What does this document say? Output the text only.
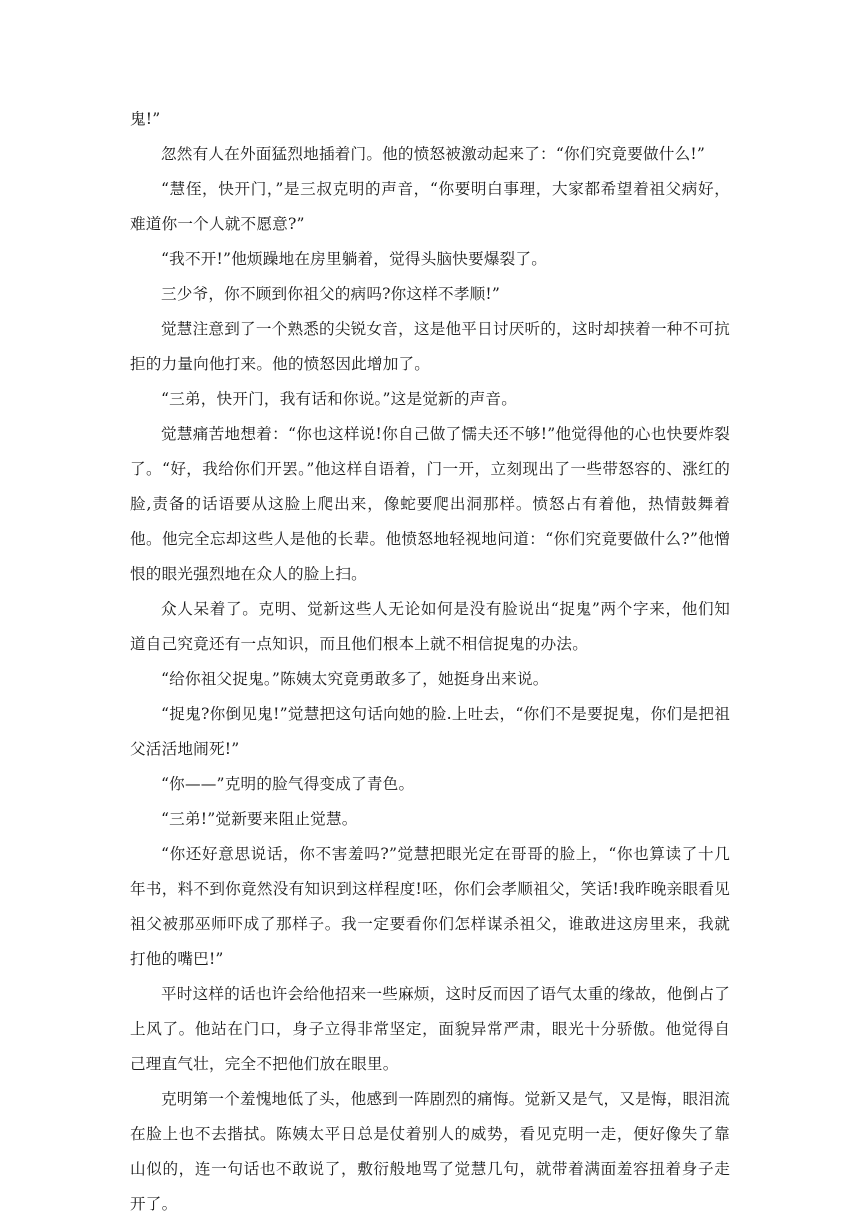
鬼!”

忽然有人在外面猛烈地插着门。他的愤怒被激动起来了：“你们究竟要做什么!”

“慧侄，快开门，”是三叔克明的声音，“你要明白事理，大家都希望着祖父病好，难道你一个人就不愿意?”

“我不开!”他烦躁地在房里躺着，觉得头脑快要爆裂了。

三少爷，你不顾到你祖父的病吗?你这样不孝顺!”

觉慧注意到了一个熟悉的尖锐女音，这是他平日讨厌听的，这时却挟着一种不可抗拒的力量向他打来。他的愤怒因此增加了。

“三弟，快开门，我有话和你说。”这是觉新的声音。

觉慧痛苦地想着：“你也这样说!你自己做了懦夫还不够!”他觉得他的心也快要炸裂了。“好，我给你们开罢。”他这样自语着，门一开，立刻现出了一些带怒容的、涨红的脸,责备的话语要从这脸上爬出来，像蛇要爬出洞那样。愤怒占有着他，热情鼓舞着他。他完全忘却这些人是他的长辈。他愤怒地轻视地问道：“你们究竟要做什么?”他憎恨的眼光强烈地在众人的脸上扫。

众人呆着了。克明、觉新这些人无论如何是没有脸说出“捉鬼”两个字来，他们知道自己究竟还有一点知识，而且他们根本上就不相信捉鬼的办法。

“给你祖父捉鬼。”陈姨太究竟勇敢多了，她挺身出来说。

“捉鬼?你倒见鬼!”觉慧把这句话向她的脸.上吐去，“你们不是要捉鬼，你们是把祖父活活地闹死!”

“你——”克明的脸气得变成了青色。

“三弟!”觉新要来阻止觉慧。

“你还好意思说话，你不害羞吗?”觉慧把眼光定在哥哥的脸上，“你也算读了十几年书，料不到你竟然没有知识到这样程度!呸，你们会孝顺祖父，笑话!我昨晚亲眼看见祖父被那巫师吓成了那样子。我一定要看你们怎样谋杀祖父，谁敢进这房里来，我就打他的嘴巴!”

平时这样的话也许会给他招来一些麻烦，这时反而因了语气太重的缘故，他倒占了上风了。他站在门口，身子立得非常坚定，面貌异常严肃，眼光十分骄傲。他觉得自己理直气壮，完全不把他们放在眼里。

克明第一个羞愧地低了头，他感到一阵剧烈的痛悔。觉新又是气，又是悔，眼泪流在脸上也不去揩拭。陈姨太平日总是仗着别人的威势，看见克明一走，便好像失了靠山似的，连一句话也不敢说了，敷衍般地骂了觉慧几句，就带着满面羞容扭着身子走开了。
